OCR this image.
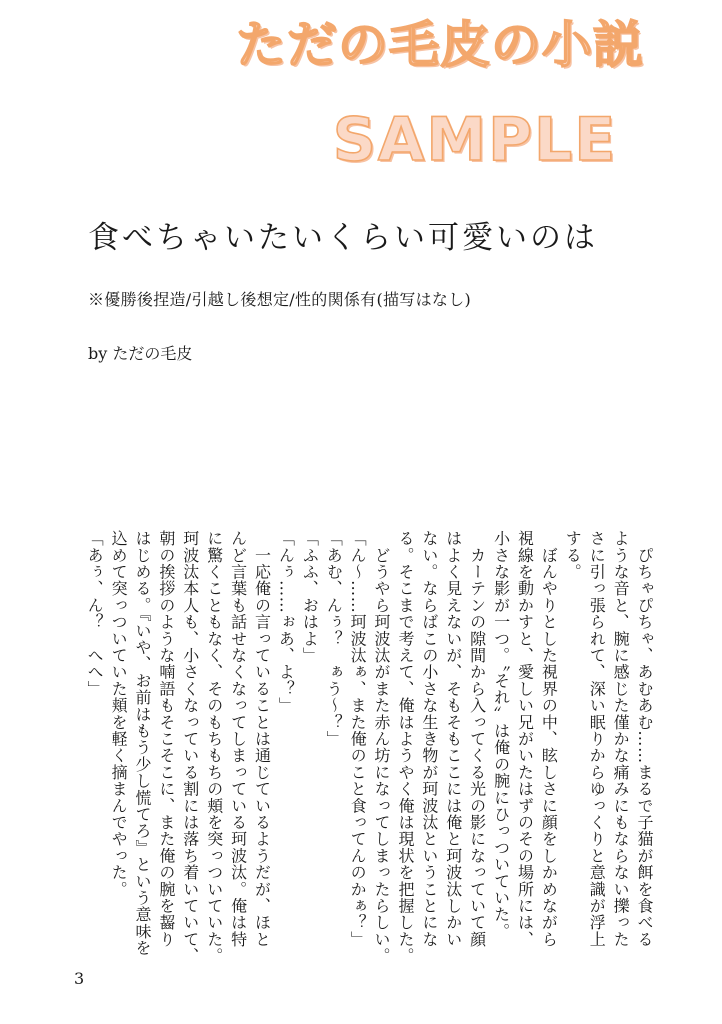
ただの毛皮の小説
SAMPLE
食べちゃいたいくらい可愛いのは
※優勝後捏造/引越し後想定/性的関係有(描写はなし)
by ただの毛皮
　ぴちゃぴちゃ、あむあむ……まるで子猫が餌を食べる
ような音と、腕に感じた僅かな痛みにもならない擽った
さに引っ張られて、深い眠りからゆっくりと意識が浮上
する。
　ぼんやりとした視界の中、眩しさに顔をしかめながら
視線を動かすと、愛しい兄がいたはずのその場所には、
小さな影が一つ。〝それ〟は俺の腕にひっついていた。
　カーテンの隙間から入ってくる光の影になっていて顔
はよく見えないが、そもそもここには俺と珂波汰しかい
ない。ならばこの小さな生き物が珂波汰ということにな
る。そこまで考えて、俺はようやく俺は現状を把握した。
　どうやら珂波汰がまた赤ん坊になってしまったらしい。
「ん～……珂波汰ぁ、また俺のこと食ってんのかぁ？」
「あむ、んぅ？　ぁう～？」
「ふふ、おはよ」
「んぅ……ぉあ、よ？」
　一応俺の言っていることは通じているようだが、ほと
んど言葉も話せなくなってしまっている珂波汰。俺は特
に驚くこともなく、そのもちもちの頬を突っついていた。
珂波汰本人も、小さくなっている割には落ち着いていて、
朝の挨拶のような喃語もそこそこに、また俺の腕を齧り
はじめる。『いや、お前はもう少し慌てろ』という意味を
込めて突っついていた頬を軽く摘まんでやった。
「あぅ、ん？　へへ」
3
